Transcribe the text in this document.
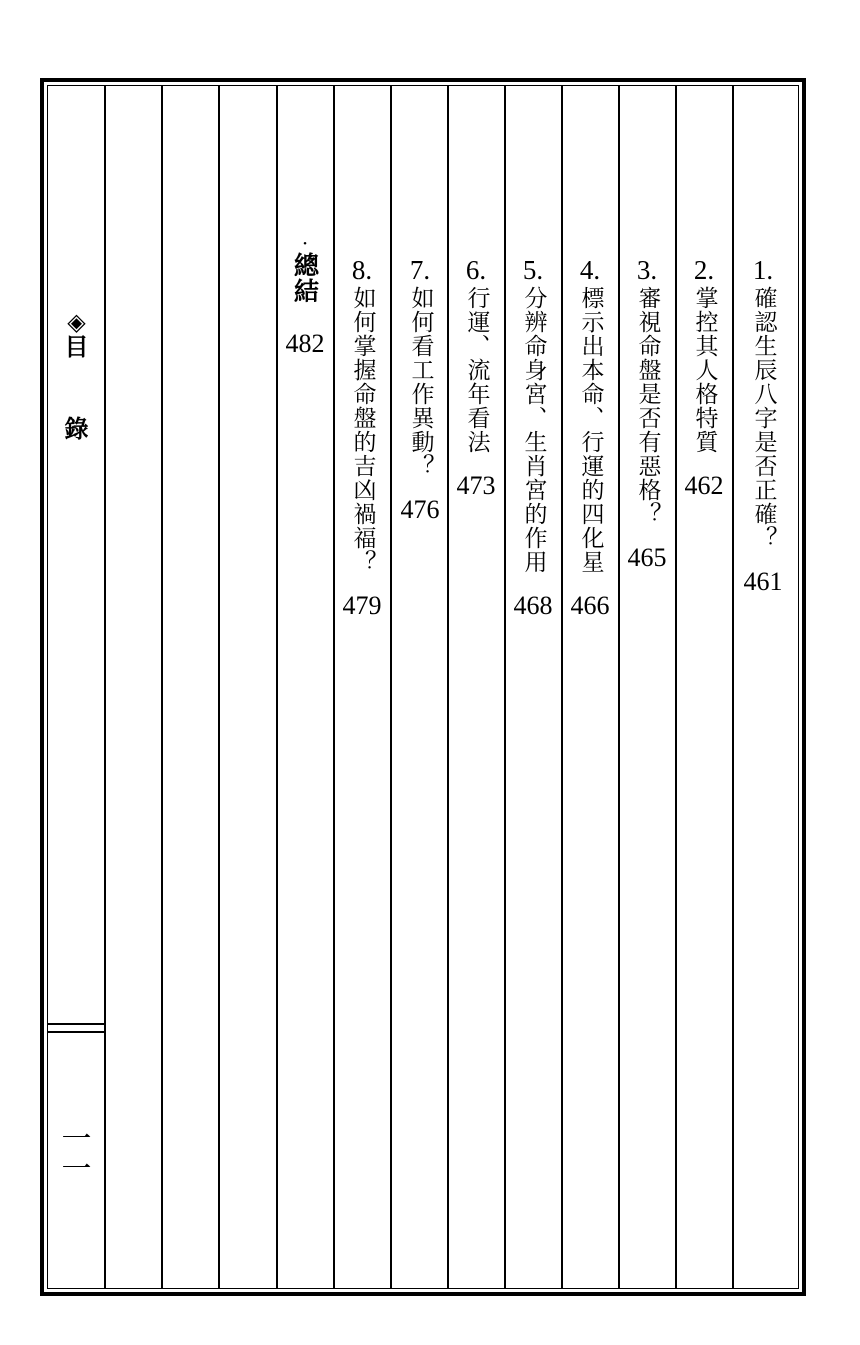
◈
目
錄
一
一
·
總結
482
8.
如何掌握命盤的吉凶禍福？
479
7.
如何看工作異動？
476
6.
行運、流年看法
473
5.
分辨命身宮、生肖宮的作用
468
4.
標示出本命、行運的四化星
466
3.
審視命盤是否有惡格？
465
2.
掌控其人格特質
462
1.
確認生辰八字是否正確？
461
